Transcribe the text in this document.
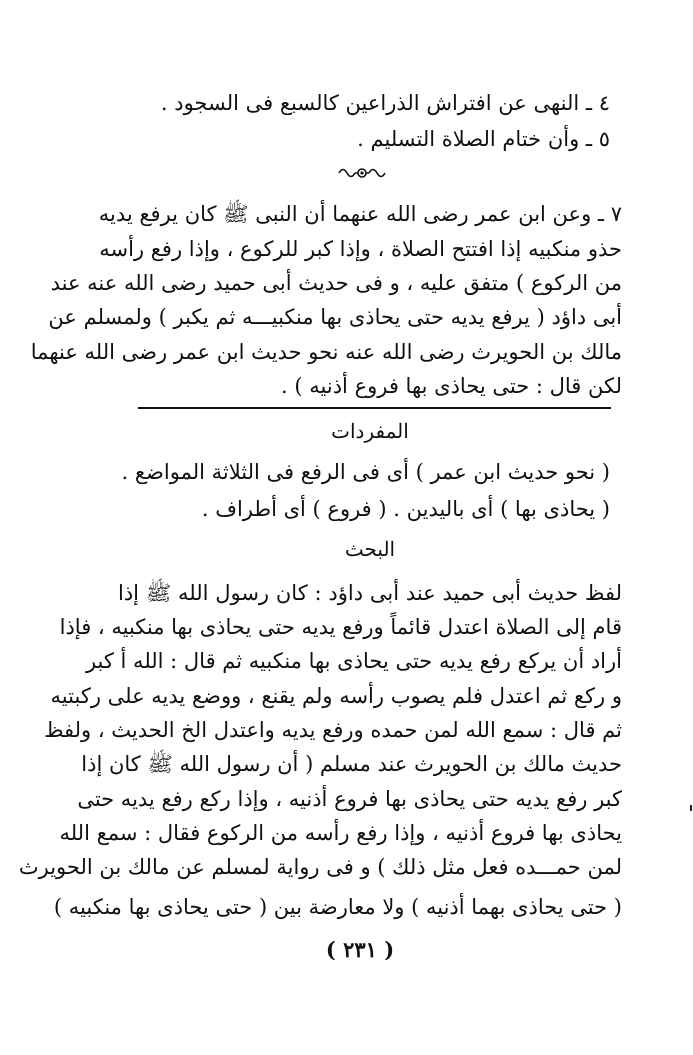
٤ ـ النهى عن افتراش الذراعين كالسبع فى السجود .
٥ ـ وأن ختام الصلاة التسليم .
٧ ـ وعن ابن عمر رضى الله عنهما أن النبى ﷺ كان يرفع يديه
حذو منكبيه إذا افتتح الصلاة ، وإذا كبر للركوع ، وإذا رفع رأسه
من الركوع ) متفق عليه ، و فى حديث أبى حميد رضى الله عنه عند
أبى داؤد ( يرفع يديه حتى يحاذى بها منكبيـــه ثم يكبر ) ولمسلم عن
مالك بن الحويرث رضى الله عنه نحو حديث ابن عمر رضى الله عنهما
لكن قال : حتى يحاذى بها فروع أذنيه ) .
المفردات
( نحو حديث ابن عمر ) أى فى الرفع فى الثلاثة المواضع .
( يحاذى بها ) أى باليدين . ( فروع ) أى أطراف .
البحث
لفظ حديث أبى حميد عند أبى داؤد : كان رسول الله ﷺ إذا
قام إلى الصلاة اعتدل قائماً ورفع يديه حتى يحاذى بها منكبيه ، فإذا
أراد أن يركع رفع يديه حتى يحاذى بها منكبيه ثم قال : الله أ كبر
و ركع ثم اعتدل فلم يصوب رأسه ولم يقنع ، ووضع يديه على ركبتيه
ثم قال : سمع الله لمن حمده ورفع يديه واعتدل الخ الحديث ، ولفظ
حديث مالك بن الحويرث عند مسلم ( أن رسول الله ﷺ كان إذا
كبر رفع يديه حتى يحاذى بها فروع أذنيه ، وإذا ركع رفع يديه حتى
يحاذى بها فروع أذنيه ، وإذا رفع رأسه من الركوع فقال : سمع الله
لمن حمـــده فعل مثل ذلك ) و فى رواية لمسلم عن مالك بن الحويرث
( حتى يحاذى بهما أذنيه ) ولا معارضة بين ( حتى يحاذى بها منكبيه )
( ٢٣١ )
